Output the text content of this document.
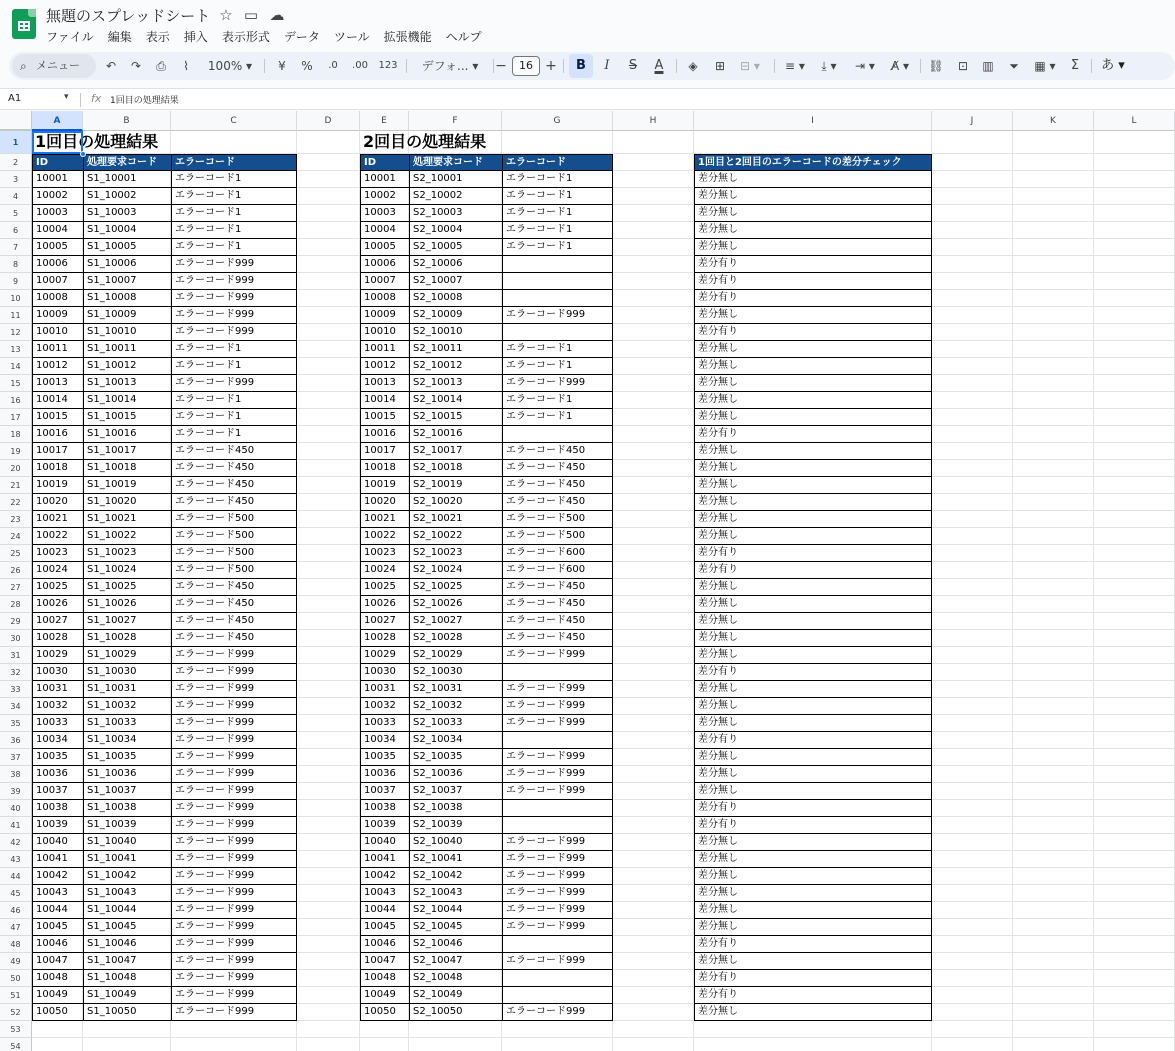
無題のスプレッドシート ☆ ▭ ☁
ファイル 編集 表示 挿入 表示形式 データ ツール 拡張機能 ヘルプ
⌕ メニュー	↶	↷	⎙	⌇	100% ▾	¥	%	.0	.00	123	デフォ... ▾	−	16 +	B	I	S	A	◈	⊞	⊟ ▾	≡ ▾	⤓ ▾	⇥ ▾	A̸ ▾	⛓	⊡	▥	⏷	▦ ▾	Σ あ ▾
A1	▾ fx 1回目の処理結果
A	B	C	D	E	F	G	H	I	J	K	L
1
2
3
4
5
6
7
8
9
10
11
12
13
14
15
16
17
18
19
20
21
22
23
24
25
26
27
28
29
30
31
32
33
34
35
36
37
38
39
40
41
42
43
44
45
46
47
48
49
50
51
52
53
54
1回目の処理結果	2回目の処理結果
ID	処理要求コード	エラーコード	ID	処理要求コード	エラーコード	1回目と2回目のエラーコードの差分チェック
10001	S1_10001	エラーコード1	10001	S2_10001	エラーコード1	差分無し
10002	S1_10002	エラーコード1	10002	S2_10002	エラーコード1	差分無し
10003	S1_10003	エラーコード1	10003	S2_10003	エラーコード1	差分無し
10004	S1_10004	エラーコード1	10004	S2_10004	エラーコード1	差分無し
10005	S1_10005	エラーコード1	10005	S2_10005	エラーコード1	差分無し
10006	S1_10006	エラーコード999	10006	S2_10006	差分有り
10007	S1_10007	エラーコード999	10007	S2_10007	差分有り
10008	S1_10008	エラーコード999	10008	S2_10008	差分有り
10009	S1_10009	エラーコード999	10009	S2_10009	エラーコード999	差分無し
10010	S1_10010	エラーコード999	10010	S2_10010	差分有り
10011	S1_10011	エラーコード1	10011	S2_10011	エラーコード1	差分無し
10012	S1_10012	エラーコード1	10012	S2_10012	エラーコード1	差分無し
10013	S1_10013	エラーコード999	10013	S2_10013	エラーコード999	差分無し
10014	S1_10014	エラーコード1	10014	S2_10014	エラーコード1	差分無し
10015	S1_10015	エラーコード1	10015	S2_10015	エラーコード1	差分無し
10016	S1_10016	エラーコード1	10016	S2_10016	差分有り
10017	S1_10017	エラーコード450	10017	S2_10017	エラーコード450	差分無し
10018	S1_10018	エラーコード450	10018	S2_10018	エラーコード450	差分無し
10019	S1_10019	エラーコード450	10019	S2_10019	エラーコード450	差分無し
10020	S1_10020	エラーコード450	10020	S2_10020	エラーコード450	差分無し
10021	S1_10021	エラーコード500	10021	S2_10021	エラーコード500	差分無し
10022	S1_10022	エラーコード500	10022	S2_10022	エラーコード500	差分無し
10023	S1_10023	エラーコード500	10023	S2_10023	エラーコード600	差分有り
10024	S1_10024	エラーコード500	10024	S2_10024	エラーコード600	差分有り
10025	S1_10025	エラーコード450	10025	S2_10025	エラーコード450	差分無し
10026	S1_10026	エラーコード450	10026	S2_10026	エラーコード450	差分無し
10027	S1_10027	エラーコード450	10027	S2_10027	エラーコード450	差分無し
10028	S1_10028	エラーコード450	10028	S2_10028	エラーコード450	差分無し
10029	S1_10029	エラーコード999	10029	S2_10029	エラーコード999	差分無し
10030	S1_10030	エラーコード999	10030	S2_10030	差分有り
10031	S1_10031	エラーコード999	10031	S2_10031	エラーコード999	差分無し
10032	S1_10032	エラーコード999	10032	S2_10032	エラーコード999	差分無し
10033	S1_10033	エラーコード999	10033	S2_10033	エラーコード999	差分無し
10034	S1_10034	エラーコード999	10034	S2_10034	差分有り
10035	S1_10035	エラーコード999	10035	S2_10035	エラーコード999	差分無し
10036	S1_10036	エラーコード999	10036	S2_10036	エラーコード999	差分無し
10037	S1_10037	エラーコード999	10037	S2_10037	エラーコード999	差分無し
10038	S1_10038	エラーコード999	10038	S2_10038	差分有り
10039	S1_10039	エラーコード999	10039	S2_10039	差分有り
10040	S1_10040	エラーコード999	10040	S2_10040	エラーコード999	差分無し
10041	S1_10041	エラーコード999	10041	S2_10041	エラーコード999	差分無し
10042	S1_10042	エラーコード999	10042	S2_10042	エラーコード999	差分無し
10043	S1_10043	エラーコード999	10043	S2_10043	エラーコード999	差分無し
10044	S1_10044	エラーコード999	10044	S2_10044	エラーコード999	差分無し
10045	S1_10045	エラーコード999	10045	S2_10045	エラーコード999	差分無し
10046	S1_10046	エラーコード999	10046	S2_10046	差分有り
10047	S1_10047	エラーコード999	10047	S2_10047	エラーコード999	差分無し
10048	S1_10048	エラーコード999	10048	S2_10048	差分有り
10049	S1_10049	エラーコード999	10049	S2_10049	差分有り
10050	S1_10050	エラーコード999	10050	S2_10050	エラーコード999	差分無し
